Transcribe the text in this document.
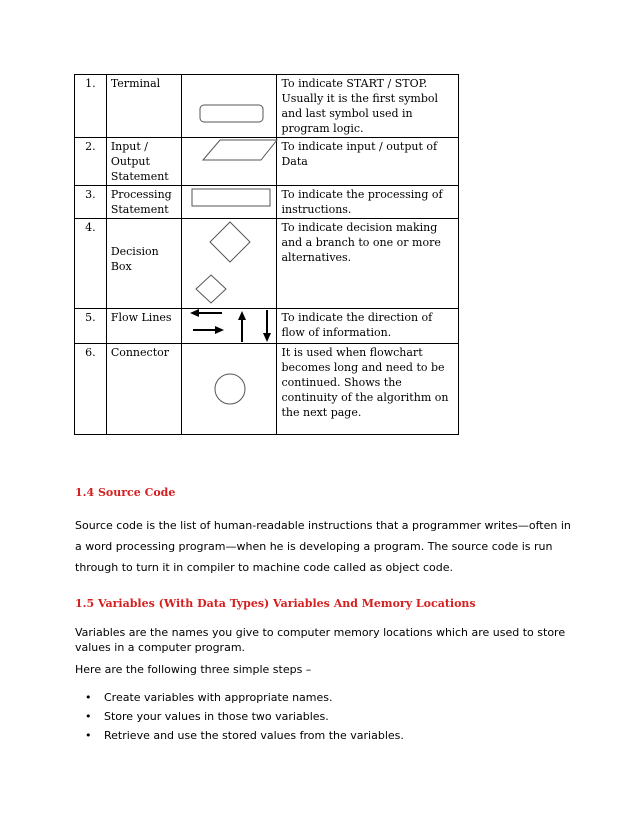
1.	Terminal		To indicate START / STOP. Usually it is the first symbol and last symbol used in program logic.
2.	Input / Output Statement		To indicate input / output of Data
3.	Processing Statement		To indicate the processing of instructions.
4.	Decision Box		To indicate decision making and a branch to one or more alternatives.
5.	Flow Lines		To indicate the direction of flow of information.
6.	Connector		It is used when flowchart becomes long and need to be continued. Shows the continuity of the algorithm on the next page.
1.4 Source Code
Source code is the list of human-readable instructions that a programmer writes—often in a word processing program—when he is developing a program. The source code is run through to turn it in compiler to machine code called as object code.
1.5 Variables (With Data Types) Variables And Memory Locations
Variables are the names you give to computer memory locations which are used to store values in a computer program.
Here are the following three simple steps –
• Create variables with appropriate names.
• Store your values in those two variables.
• Retrieve and use the stored values from the variables.
